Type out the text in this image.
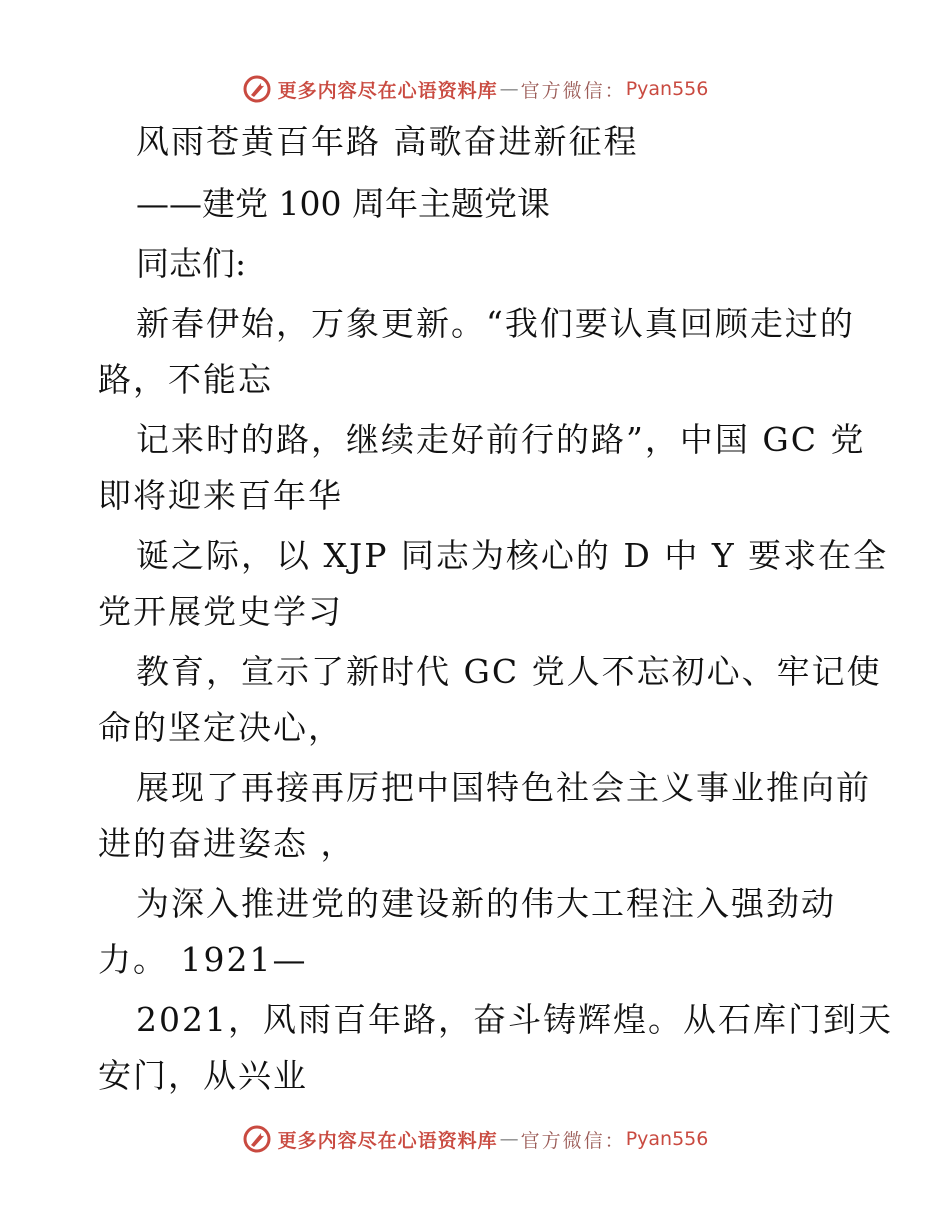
更多内容尽在心语资料库 — 官方微信： Pyan556
风雨苍黄百年路 高歌奋进新征程
——建党 100 周年主题党课
同志们:
新春伊始，万象更新。“我们要认真回顾走过的
路，不能忘
记来时的路，继续走好前行的路”，中国 GC 党
即将迎来百年华
诞之际，以 XJP 同志为核心的 D 中 Y 要求在全
党开展党史学习
教育，宣示了新时代 GC 党人不忘初心、牢记使
命的坚定决心，
展现了再接再厉把中国特色社会主义事业推向前
进的奋进姿态 ，
为深入推进党的建设新的伟大工程注入强劲动
力。 1921—
2021，风雨百年路，奋斗铸辉煌。从石库门到天
安门，从兴业
更多内容尽在心语资料库 — 官方微信： Pyan556
